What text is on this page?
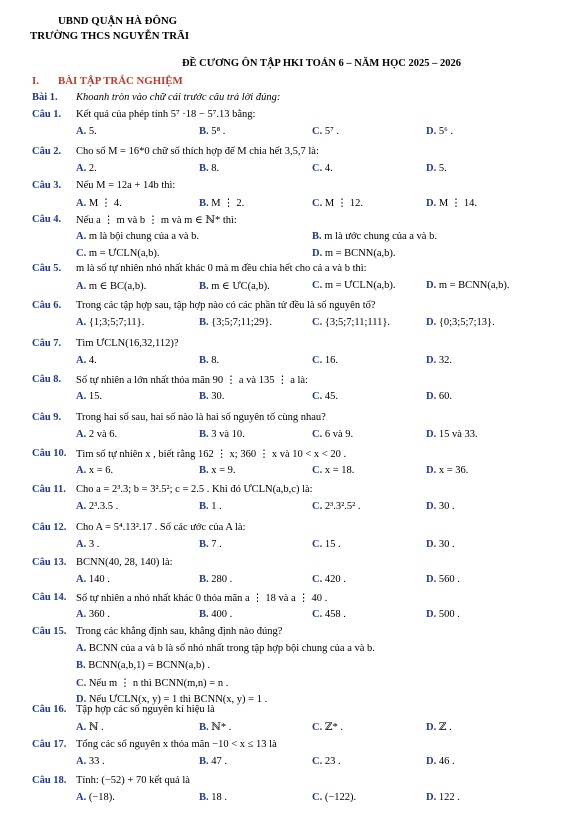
UBND QUẬN HÀ ĐÔNG
TRƯỜNG THCS NGUYỄN TRÃI
ĐỀ CƯƠNG ÔN TẬP HKI TOÁN 6 – NĂM HỌC 2025 – 2026
I. BÀI TẬP TRẮC NGHIỆM
Bài 1. Khoanh tròn vào chữ cái trước câu trả lời đúng:
Câu 1. Kết quả của phép tính 5⁷ ·18 − 5⁷.13 bằng:
A. 5.	B. 5⁸ .	C. 5⁷ .	D. 5⁶ .
Câu 2. Cho số M = 16*0 chữ số thích hợp để M chia hết 3,5,7 là:
A. 2.	B. 8.	C. 4.	D. 5.
Câu 3. Nếu M = 12a + 14b thì:
A. M ⋮ 4.	B. M ⋮ 2.	C. M ⋮ 12.	D. M ⋮ 14.
Câu 4. Nếu a ⋮ m và b ⋮ m và m ∈ ℕ* thì:
A. m là bội chung của a và b.	B. m là ước chung của a và b.
C. m = ƯCLN(a,b).	D. m = BCNN(a,b).
Câu 5. m là số tự nhiên nhỏ nhất khác 0 mà m đều chia hết cho cả a và b thì:
A. m ∈ BC(a,b).	B. m ∈ ƯC(a,b).	C. m = ƯCLN(a,b).	D. m = BCNN(a,b).
Câu 6. Trong các tập hợp sau, tập hợp nào có các phần tử đều là số nguyên tố?
A. {1;3;5;7;11}.	B. {3;5;7;11;29}.	C. {3;5;7;11;111}.	D. {0;3;5;7;13}.
Câu 7. Tìm ƯCLN(16,32,112)?
A. 4.	B. 8.	C. 16.	D. 32.
Câu 8. Số tự nhiên a lớn nhất thỏa mãn 90 ⋮ a và 135 ⋮ a là:
A. 15.	B. 30.	C. 45.	D. 60.
Câu 9. Trong hai số sau, hai số nào là hai số nguyên tố cùng nhau?
A. 2 và 6.	B. 3 và 10.	C. 6 và 9.	D. 15 và 33.
Câu 10. Tìm số tự nhiên x , biết rằng 162 ⋮ x; 360 ⋮ x và 10 < x < 20 .
A. x = 6.	B. x = 9.	C. x = 18.	D. x = 36.
Câu 11. Cho a = 2³.3; b = 3².5²; c = 2.5 . Khi đó ƯCLN(a,b,c) là:
A. 2³.3.5 .	B. 1 .	C. 2³.3².5² .	D. 30 .
Câu 12. Cho A = 5⁴.13².17 . Số các ước của A là:
A. 3 .	B. 7 .	C. 15 .	D. 30 .
Câu 13. BCNN(40, 28, 140) là:
A. 140 .	B. 280 .	C. 420 .	D. 560 .
Câu 14. Số tự nhiên a nhỏ nhất khác 0 thỏa mãn a ⋮ 18 và a ⋮ 40 .
A. 360 .	B. 400 .	C. 458 .	D. 500 .
Câu 15. Trong các khẳng định sau, khẳng định nào đúng?
A. BCNN của a và b là số nhỏ nhất trong tập hợp bội chung của a và b.
B. BCNN(a,b,1) = BCNN(a,b) .
C. Nếu m ⋮ n thì BCNN(m,n) = n .
D. Nếu ƯCLN(x, y) = 1 thì BCNN(x, y) = 1 .
Câu 16. Tập hợp các số nguyên kí hiệu là
A. ℕ .	B. ℕ* .	C. ℤ* .	D. ℤ .
Câu 17. Tổng các số nguyên x thỏa mãn −10 < x ≤ 13 là
A. 33 .	B. 47 .	C. 23 .	D. 46 .
Câu 18. Tính: (−52) + 70 kết quả là
A. (−18).	B. 18 .	C. (−122).	D. 122 .
